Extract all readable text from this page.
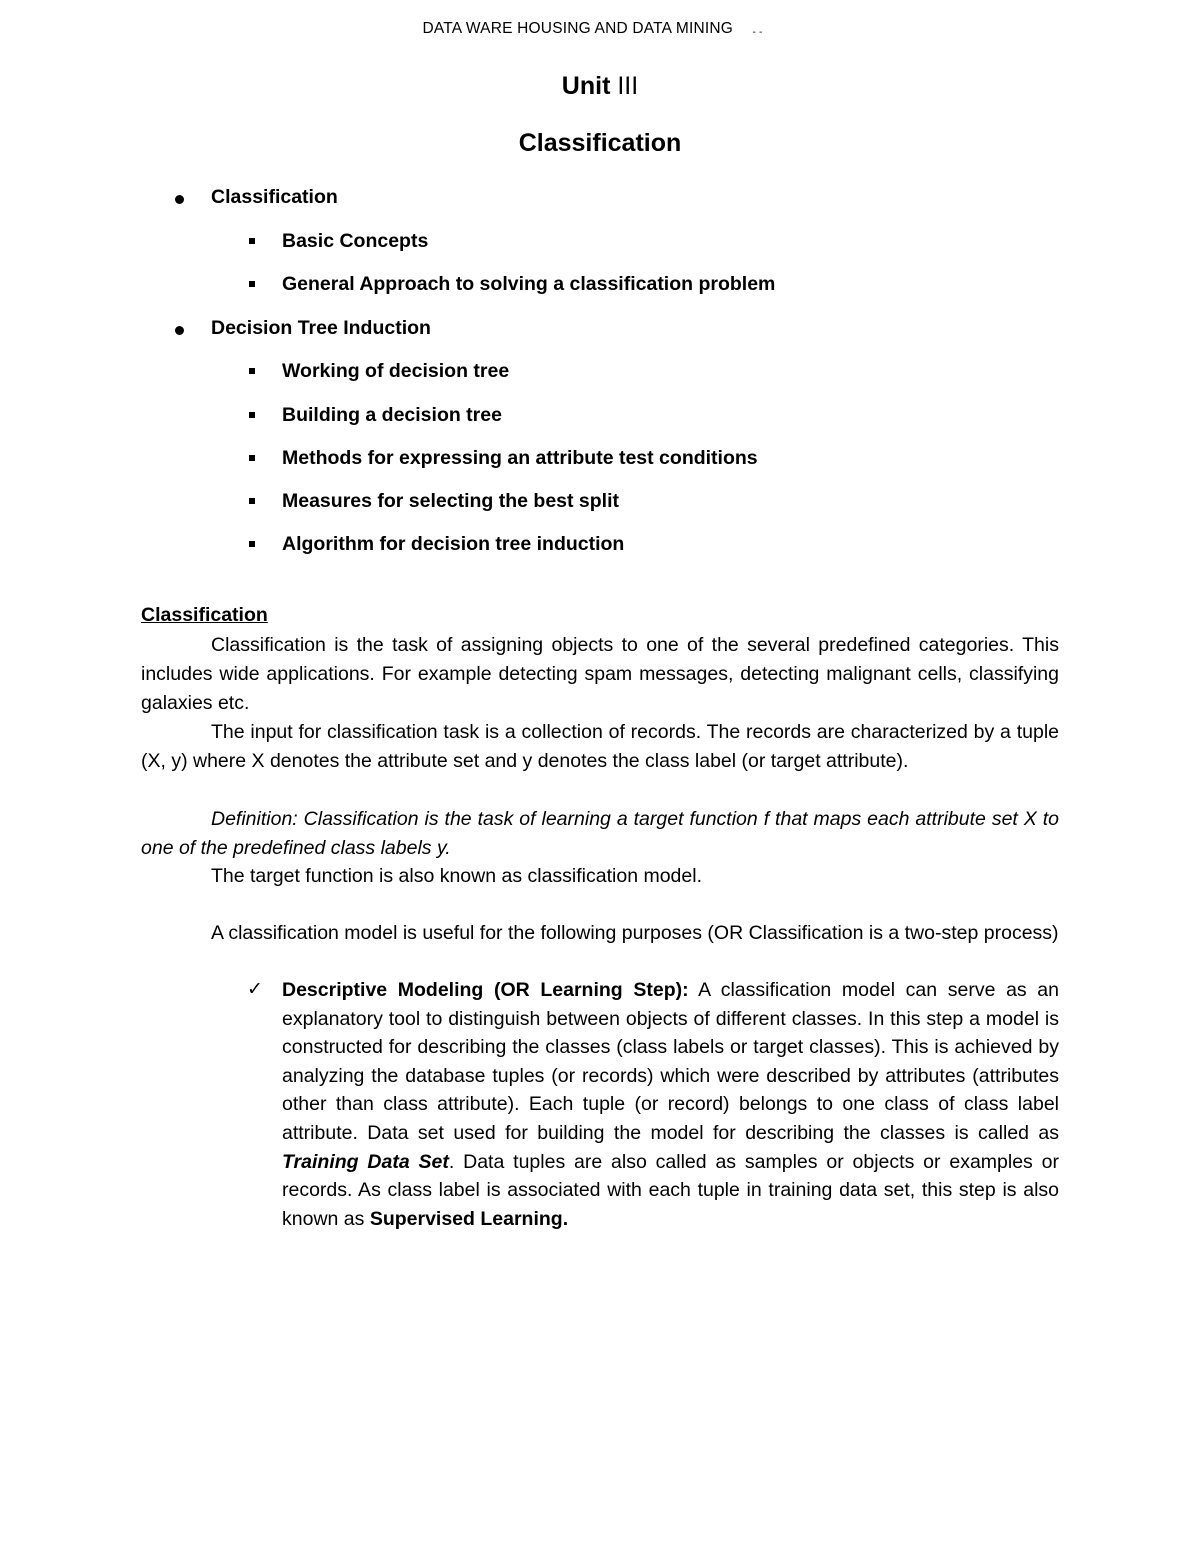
DATA WARE HOUSING AND DATA MINING - -
Unit III
Classification
Classification
Basic Concepts
General Approach to solving a classification problem
Decision Tree Induction
Working of decision tree
Building a decision tree
Methods for expressing an attribute test conditions
Measures for selecting the best split
Algorithm for decision tree induction
Classification
Classification is the task of assigning objects to one of the several predefined categories. This includes wide applications. For example detecting spam messages, detecting malignant cells, classifying galaxies etc.
The input for classification task is a collection of records. The records are characterized by a tuple (X, y) where X denotes the attribute set and y denotes the class label (or target attribute).
Definition: Classification is the task of learning a target function f that maps each attribute set X to one of the predefined class labels y.
The target function is also known as classification model.
A classification model is useful for the following purposes (OR Classification is a two-step process)
✓ Descriptive Modeling (OR Learning Step): A classification model can serve as an explanatory tool to distinguish between objects of different classes. In this step a model is constructed for describing the classes (class labels or target classes). This is achieved by analyzing the database tuples (or records) which were described by attributes (attributes other than class attribute). Each tuple (or record) belongs to one class of class label attribute. Data set used for building the model for describing the classes is called as Training Data Set. Data tuples are also called as samples or objects or examples or records. As class label is associated with each tuple in training data set, this step is also known as Supervised Learning.
